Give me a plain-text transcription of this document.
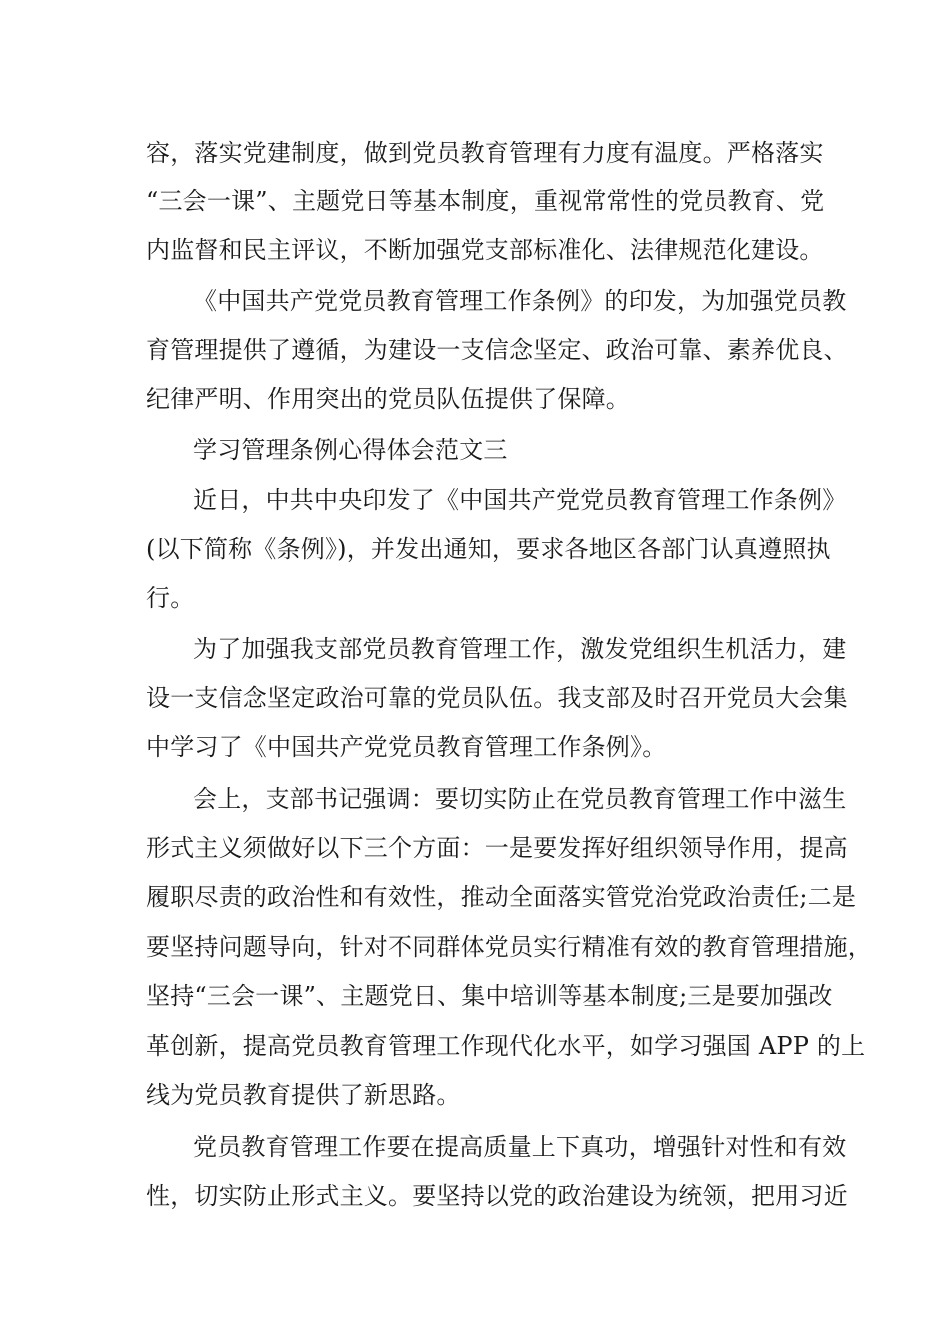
容，落实党建制度，做到党员教育管理有力度有温度。严格落实
“三会一课”、主题党日等基本制度，重视常常性的党员教育、党
内监督和民主评议，不断加强党支部标准化、法律规范化建设。
《中国共产党党员教育管理工作条例》的印发，为加强党员教
育管理提供了遵循，为建设一支信念坚定、政治可靠、素养优良、
纪律严明、作用突出的党员队伍提供了保障。
学习管理条例心得体会范文三
近日，中共中央印发了《中国共产党党员教育管理工作条例》
(以下简称《条例》)，并发出通知，要求各地区各部门认真遵照执
行。
为了加强我支部党员教育管理工作，激发党组织生机活力，建
设一支信念坚定政治可靠的党员队伍。我支部及时召开党员大会集
中学习了《中国共产党党员教育管理工作条例》。
会上，支部书记强调：要切实防止在党员教育管理工作中滋生
形式主义须做好以下三个方面：一是要发挥好组织领导作用，提高
履职尽责的政治性和有效性，推动全面落实管党治党政治责任;二是
要坚持问题导向，针对不同群体党员实行精准有效的教育管理措施，
坚持“三会一课”、主题党日、集中培训等基本制度;三是要加强改
革创新，提高党员教育管理工作现代化水平，如学习强国 APP 的上
线为党员教育提供了新思路。
党员教育管理工作要在提高质量上下真功，增强针对性和有效
性，切实防止形式主义。要坚持以党的政治建设为统领，把用习近
